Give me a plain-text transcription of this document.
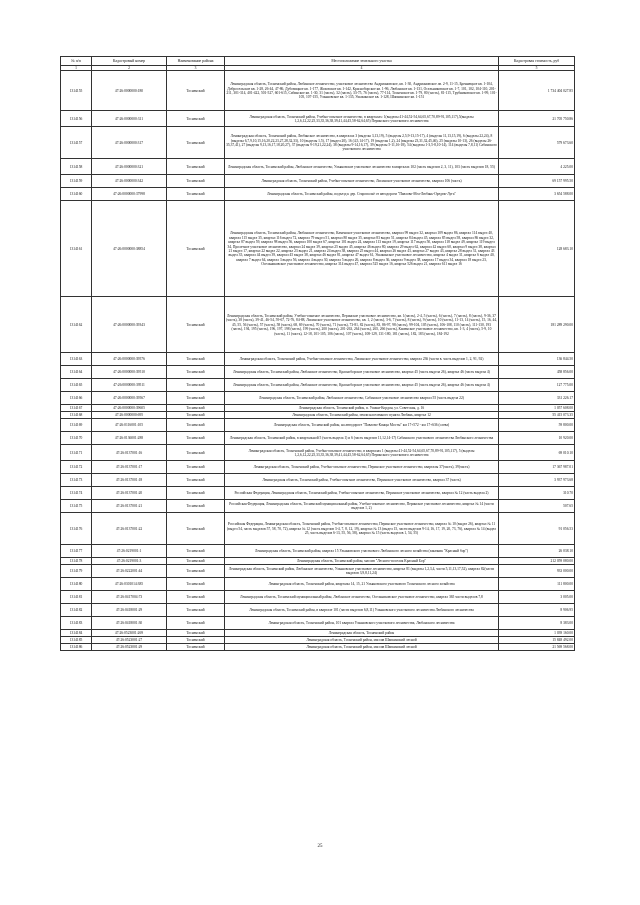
№ п/п	Кадастровый номер	Наименование района	Местоположение земельного участка	Кадастровая стоимость, руб
1	2	3	4	5
1314155	47:26:0000000:180	Тосненский	Ленинградская область, Тосненский район, Любанское лесничество, участковое лесничество Андриановское, кв. 1-30, Андриановское лв. 2-9, 11-15, Бреннецкое кв. 1-104, Добросельское кв. 1-28, 26-44, 47-86, Дубовицкое кв. 1-177, Жоховское кв. 1-142, Красноборское кв. 1-96, Любанское кв. 1-131, Осельниковское кв. 1-7, 101, 102, 104-110, 201-211, 301-314, 401-422, 501-527, 601-615, Сабинское кв. 1-30, 31 (часть), 32 (часть), 33-75, 76 (часть), 77-114, Тосненское кв. 1-79, 80 (часть), 81-115, Трубниковское кв. 1-99, 101-105, 107-155, Ульяновское кв. 1-135, Ушакинское кв. 1-128, Шапкинское кв. 1-151	1 734 404 027.85
1314156	47:26:0000000:311	Тосненский	Ленинградская область, Тосненский район, Учебно-опытное лесничество, в кварталах: 1(выделы 41-44,52-54,64,65,67,70,89-91,105,117),5(выделы 1,2,6,12,22,25,33,35,36,38,39,41,44,45,58-62,64,65) Перинского участкового лесничества	21 705 750.86
1314157	47:26:0000000:317	Тосненский	Ленинградская область, Тосненский район, Любанское лесничество, в кварталах 3 (выделы 3,13,19), 5 (выделы 2,5,9-13,15-17), 4 (выделы 11,13,15,19), 6 (выделы 22,24), 8 (выделы 6,7,9,10,15,16,20,22,23,27,28,32,33), 10 (выделы 1,5), 17 (выдел 20), 16 (4,5,14-17), 19 (выделы 1,2), 24 (выделы 23,31,32,45,46), 25 (выделы 10-13), 26 (выделы 26-35,37,41), 27 (выделы 9,13,16,17,18,20,27), 37 (выделы 9-19,21,22,24), 38 (выделы 9-14,16,17), 39 (выделы 5-11,16-18), 54 (выделы 1-3,5-8,10-14), 114 (выделы 7,8,11) Сабинского участкового лесничества	579 673.60
1314158	47:26:0000000:321	Тосненский	Ленинградская область, Тосненский район, Любанское лесничество, Ульяновское участковое лесничество в кварталах 102 (часть выделов 2, 3, 11), 103 (часть выделов 18, 55)	4 225.00
1314159	47:26:0000000:342	Тосненский	Ленинградская область, Тосненский район, Учебно-опытное лесничество, Лисинское участковое лесничество, квартал 106 (часть)	69 157 995.50
1314160	47:26:0000000:37998	Тосненский	Ленинградская область, Тосненский район, подъезд к дер. Старопольё от автодороги "Павлово-Мга-Любань-Оредеж-Луга"	3 654 588.00
1314161	47:26:0000000:38854	Тосненский	Ленинградская область, Тосненский район, Любанское лесничество, Каменское участковое лесничество, квартал 99 выдел 32, квартал 109 выдел 86, квартал 114 выдел 40, квартал 115 выдел 35, квартал 116 выдел 72, квартал 79 выдел 51, квартал 80 выдел 35, квартал 83 выдел 51, квартал 84 выдел 45, квартал 85 выдел 58, квартал 86 выдел 32, квартал 87 выдел 59, квартал 98 выдел 56, квартал 100 выдел 67, квартал 101 выдел 24, квартал 113 выдел 19, квартал 117 выдел 50, квартал 118 выдел 49, квартал 119 выдел 34, Пролетное участковое лесничество, квартал 24 выдел 39, квартал 25 выдел 45, квартал 46 выдел 80, квартал 29 выдел 62, квартал 42 выдел 60, квартал 9 выдел 38, квартал 21 выдел 17, квартал 22 выдел 22, квартал 23 выдел 21, квартал 24 выдел 38, квартал 25 выдел 44, квартал 26 выдел 43, квартал 27 выдел 43, квартал 28 выдел 31, квартал 43 выдел 35, квартал 44 выдел 39, квартал 45 выдел 38, квартал 46 выдел 81, квартал 47 выдел 61, Ушакинское участковое лесничество, квартал 4 выдел 31, квартал 6 выдел 40, квартал 7 выдел 64, квартал 3 выдел 56, квартал 4 выдел 30, квартал 5 выдел 26, квартал 8 выдел 36, квартал 9 выдел 38, квартал 17 выдел 34, квартал 18 выдел 23, Осельниковское участковое лесничество, квартал 314 выдел 47, квартал 525 выдел 16, квартал 526 выдел 21, квартал 611 выдел 16	128 683.10
1314162	47:26:0000000:39343	Тосненский	Ленинградская область, Тосненский район, Учебно-опытное лесничество, Перинское участковое лесничество, кв. 1(часть), 2-4, 5 (часть), 6 (часть), 7 (часть), 8 (часть), 9-36, 37 (часть), 38 (часть), 39-41, 46-54, 59-67, 72-76, 84-88, Лисинское участковое лесничество, кв. 1, 2 (часть), 3-6, 7 (часть), 8 (часть), 9 (часть), 10 (часть), 11-13, 14 (часть), 15, 16, 44, 45, 55, 56 (часть), 57 (часть), 58 (часть), 68, 69 (часть), 70 (часть), 71 (часть), 73-81, 82 (часть), 83, 86-97, 98 (часть), 99-104, 105 (часть), 106-108, 110 (часть), 111-130, 193 (часть), 194, 195 (часть), 196, 197, 198 (часть), 199 (часть), 200 (часть), 201-263, 264 (часть), 265, 266 (часть), Каменское участковое лесничество, кв. 1-3, 4 (часть), 5-9, 10 (часть), 11 (часть), 12-18, 101-105, 106 (часть), 107 (часть), 108-129, 131-180, 181 (часть), 182, 183 (часть), 184-192	181 289 290.00
1314163	47:26:0000000:39576	Тосненский	Ленинградская область, Тосненский район, Учебно-опытное лесничество, Лисинское участковое лесничество, квартал 236 (части в. часть выделов 1, 2, 91, 92)	136 844.50
1314164	47:26:0000000:39510	Тосненский	Ленинградская область, Тосненский район, Любанское лесничество, Красноборское участковое лесничество, квартал 45 (часть выдела 26), квартал 46 (часть выдела 4)	458 856.00
1314165	47:26:0000000:39511	Тосненский	Ленинградская область, Тосненский район, Любанское лесничество, Красноборское участковое лесничество, квартал 45 (часть выдела 26), квартал 46 (часть выдела 4)	127 775.00
1314166	47:26:0000000:39567	Тосненский	Ленинградская область, Тосненский район, Любанское лесничество, Сабинское участковое лесничество квартал 55 (часть выдела 22)	331 226.17
1314167	47:26:0000000:39605	Тосненский	Ленинградская область, Тосненский район, п. Ушаки-Кордон, ул. Советская, д. 16	1 057 608.00
1314168	47:26:0000000:695	Тосненский	Ленинградская область, Тосненский район, земли населенного пункта Любань, квартал 12	55 415 073.35
1314169	47:26:0116001:105	Тосненский	Ленинградская область, Тосненский район, на автодороге "Павлово-Концы Мосты" км 17+572 - км 17+636 (слева)	59 800.00
1314170	47:26:0136001:288	Тосненский	Ленинградская область, Тосненский район, в квартальной 5 (часть выдела 1) и 6 (часть выделов 11,12,14-17) Сабинского участкового лесничества Любанского лесничества	10 920.00
1314171	47:26:0137001:16	Тосненский	Ленинградская область, Тосненский район, Учебно-опытное лесничество, в кварталах 1 (выделы 41-44,52-54,64,65,67,70,89-91,105,117), 5 (выделы 1,2,6,12,22,25,33,35,36,38,39,41,44,45,58-62,64,65) Перинского участкового лесничества	69 010.10
1314172	47:26:0137001:17	Тосненский	Ленинградская область, Тосненский район, Учебно-опытное лесничество, Перинское участковое лесничество, кварталы 37(часть), 39(часть)	17 367 987.01
1314173	47:26:0137001:18	Тосненский	Ленинградская область, Тосненский район, Учебно-опытное лесничество, Перинское участковое лесничество, квартал 37 (часть)	3 937 973.68
1314174	47:26:0137001:20	Тосненский	Российская Федерация, Ленинградская область, Тосненский район, Учебно-опытное лесничество, Перинское участковое лесничество, квартал № 12 (часть выдела 2)	310.70
1314175	47:26:0137001:21	Тосненский	Российская Федерация, Ленинградская область, Тосненский муниципальный район, Учебно-опытное лесничество, Перинское участковое лесничество, квартал № 14 (части выделов 1, 2)	507.65
1314176	47:26:0137001:22	Тосненский	Российская Федерация, Ленинградская область, Тосненский район, Учебно-опытное лесничество, Перинское участковое лесничество, квартал № 10 (выдел 26), квартал № 11 (выдел 54, часть выделов 57, 58, 70, 72), квартал № 12 (часть выделов 3-4, 7, 8, 12, 19), квартал № 13 (выдел 15, части выделов 9-14, 16, 17, 19, 20, 73, 76), квартал № 14 (выдел 25, часть выделов 6-13, 55, 56, 58), квартал № 15 (часть выделов 1, 54, 55)	91 056.53
1314177	47:26:0219001:1	Тосненский	Ленинградская область, Тосненский район, квартал 15 Ульяновского участкового Любанского лесного хозяйства (заказник "Красный бор")	26 038.10
1314178	47:26:0219001:3	Тосненский	Ленинградская область, Тосненский район, массив "Лесного-поселок Красный Бор"	212 059 080.00
1314179	47:26:0222001:44	Тосненский	Ленинградская область, Тосненский район, Любанское лесничество, Ульяновское участковое лесничество, квартал 81 (выделы 1,2,3,4, части 5,11,13,17,52), квартал 82(части выделов 3,9,8,11,24)	933 000.00
1314180	47:26:0301014:385	Тосненский	Ленинградская область, Тосненский район, кварталы 14, 15, 21 Ульяновского участкового Тосненского лесного хозяйства	111 800.00
1314181	47:26:0417004:73	Тосненский	Ленинградская область, Тосненский муниципальный район, Любанское лесничество, Осельниковское участковое лесничество, квартал 365 части выделов 7,8	3 005.00
1314182	47:26:0418001:29	Тосненский	Ленинградская область, Тосненский район, в квартале 101 (части выделов 6,8,11) Ульяновского участкового лесничества Любанского лесничества	8 906.95
1314183	47:26:0418001:30	Тосненский	Ленинградская область, Тосненский район, 101 квартал Ульяновского участкового лесничества, Любанского лесничества	8 383.00
1314184	47:26:0523001:269	Тосненский	Ленинградская область, Тосненский район	1 039 160.00
1314185	47:26:0523001:27	Тосненский	Ленинградская область, Тосненский район, массив Шапкинский лесной	15 848 492.00
1314186	47:26:0523001:29	Тосненский	Ленинградская область, Тосненский район, массив Шапкинский лесной	21 569 568.00
25
